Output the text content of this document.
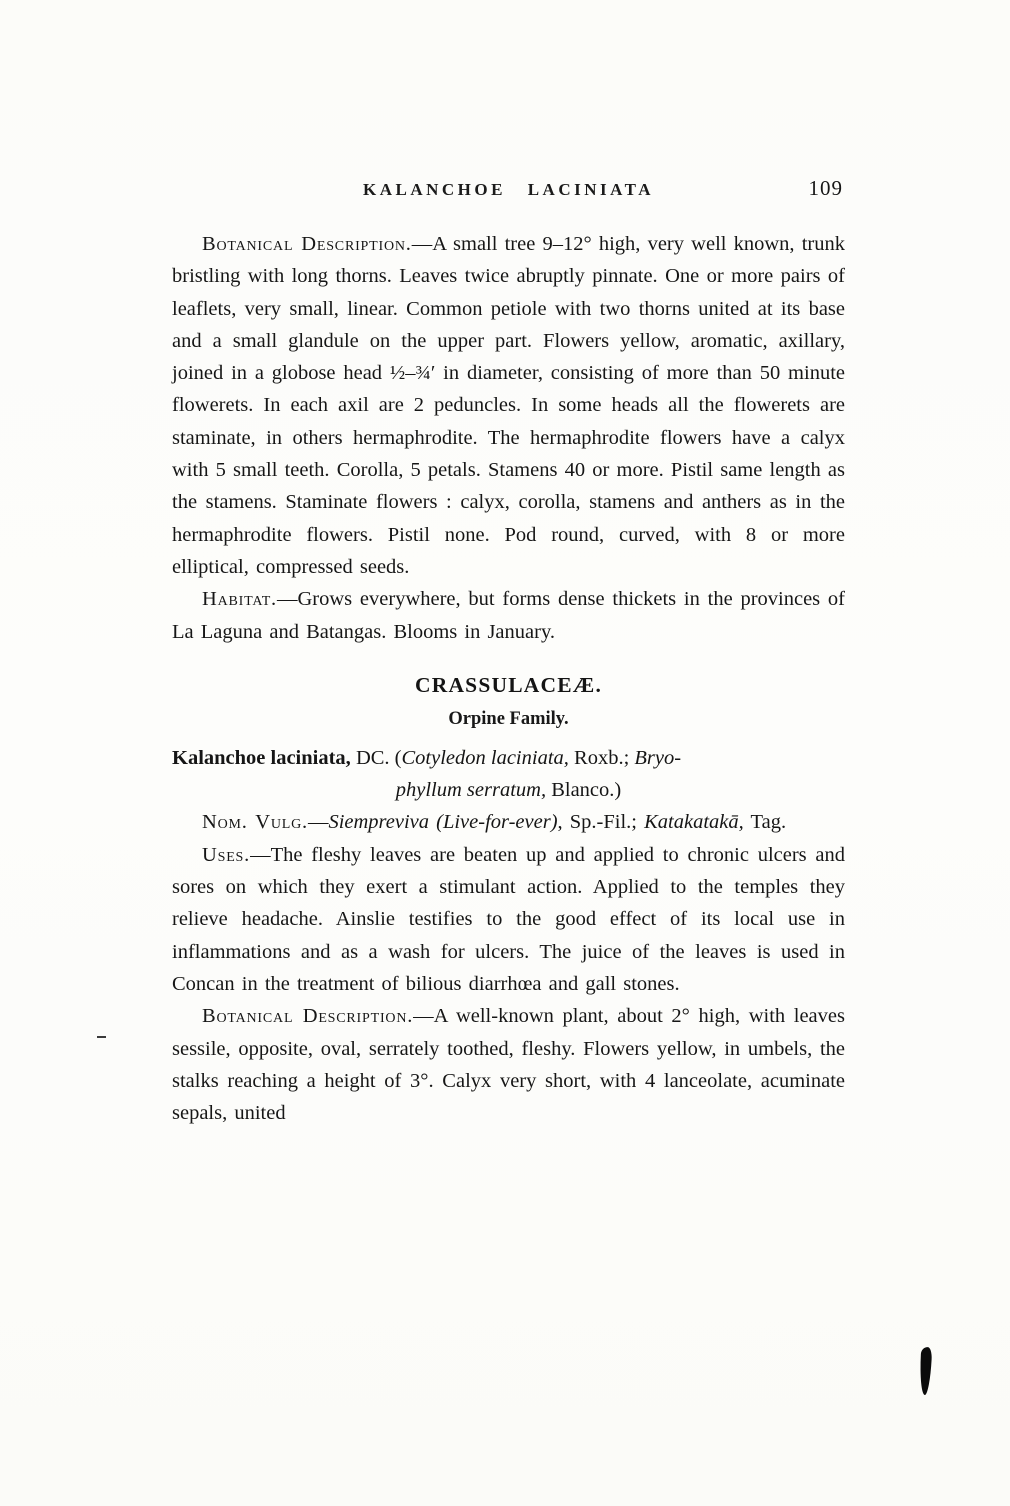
KALANCHOE LACINIATA	109

Botanical Description.—A small tree 9–12° high, very well known, trunk bristling with long thorns. Leaves twice abruptly pinnate. One or more pairs of leaflets, very small, linear. Common petiole with two thorns united at its base and a small glandule on the upper part. Flowers yellow, aromatic, axillary, joined in a globose head ½–¾′ in diameter, consisting of more than 50 minute flowerets. In each axil are 2 peduncles. In some heads all the flowerets are staminate, in others hermaphrodite. The hermaphrodite flowers have a calyx with 5 small teeth. Corolla, 5 petals. Stamens 40 or more. Pistil same length as the stamens. Staminate flowers : calyx, corolla, stamens and anthers as in the hermaphrodite flowers. Pistil none. Pod round, curved, with 8 or more elliptical, compressed seeds.

Habitat.—Grows everywhere, but forms dense thickets in the provinces of La Laguna and Batangas. Blooms in January.

CRASSULACEÆ.
Orpine Family.
Kalanchoe laciniata, DC. (Cotyledon laciniata, Roxb.; Bryo-
phyllum serratum, Blanco.)

Nom. Vulg.—Siempreviva (Live-for-ever), Sp.-Fil.; Katakatakā, Tag.

Uses.—The fleshy leaves are beaten up and applied to chronic ulcers and sores on which they exert a stimulant action. Applied to the temples they relieve headache. Ainslie testifies to the good effect of its local use in inflammations and as a wash for ulcers. The juice of the leaves is used in Concan in the treatment of bilious diarrhœa and gall stones.

Botanical Description.—A well-known plant, about 2° high, with leaves sessile, opposite, oval, serrately toothed, fleshy. Flowers yellow, in umbels, the stalks reaching a height of 3°. Calyx very short, with 4 lanceolate, acuminate sepals, united
